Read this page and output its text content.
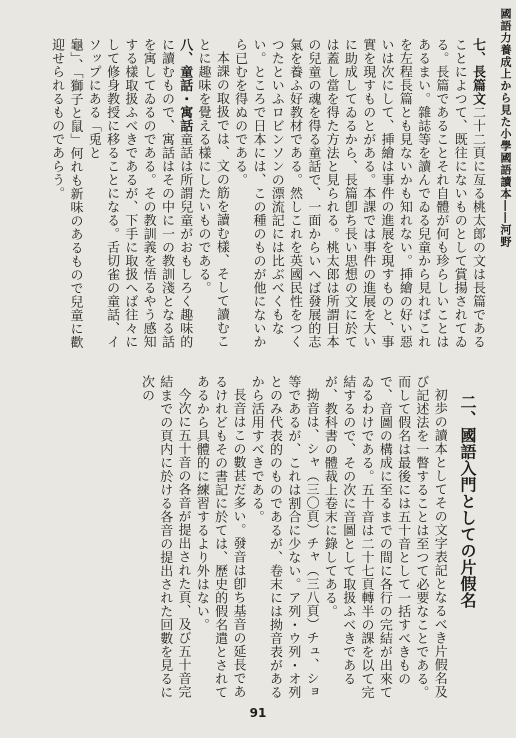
國語力養成上から見た小學國語讀本――河野

七、長篇文二十二頁に亙る桃太郎の文は長篇であることによつて、既往にないものとして賞揚されてゐる。長篇であることそれ自體が何も珍らしいことはあるまい。雜誌等を讀んでゐる兒童から見ればこれを左程長篇とも見ないかも知れない。挿繪の好い惡いは次にして、挿繪は事件の進展を現すものと、事實を現すものとがある。本課では事件の進展を大いに助成してゐるから、長篇卽ち長い思想の文に於ては蓋し當を得た方法と見られる。桃太郎は所謂日本の兒童の魂を得る童話で、一面からいへば發展的志氣を養ふ好教材である。然しこれを英國民性をつくつたといふロビンソンの漂流記には比ぶべくもない。ところで日本には、この種のものが他にないから已むを得ぬのである。

本課の取扱では、文の筋を讀む樣、そして讀むことに趣味を覺える樣にしたいものである。

八、童話・寓話童話は所謂兒童がおもしろく趣味的に讀むもので、寓話はその中に一の教訓淺となる話を寓してゐるのである。その教訓義を悟るやう感知する樣取扱ふべきであるが、下手に取扱へば往々にして修身教授に移ることになる。舌切雀の童話、イソップにある「兎と

龜」、「獅子と鼠」何れも新味のあるもので兒童に歡迎せられるものであらう。

二、國語入門としての片假名

初歩の讀本としてその文字表記となるべき片假名及び記述法を一瞥することは至つて必要なことである。而して假名は最後には五十音として一括すべきもので、音圖の構成に至るまでの間に各行の完結が出來てゐるわけである。五十音は二十七頁轉半の課を以て完結するので、その次に音圖として取扱ふべきであるが、教科書の體裁上卷末に錄してある。

拗音は、シャ（三〇頁）チャ（三八頁）チュ、ショ等であるが、これは割合に少ない。ア列・ウ列・オ列とのみ代表的のものであるが、卷末には拗音表があるから活用すべきである。

長音はこの數甚だ多い。發音は卽ち基音の延長であるけれどもその書記に於ては、歷史的假名遣とされてあるから具體的に練習するより外はない。

今次に五十音の各音が提出された頁、及び五十音完結までの頁内に於ける各音の提出された回數を見るに次の

91
